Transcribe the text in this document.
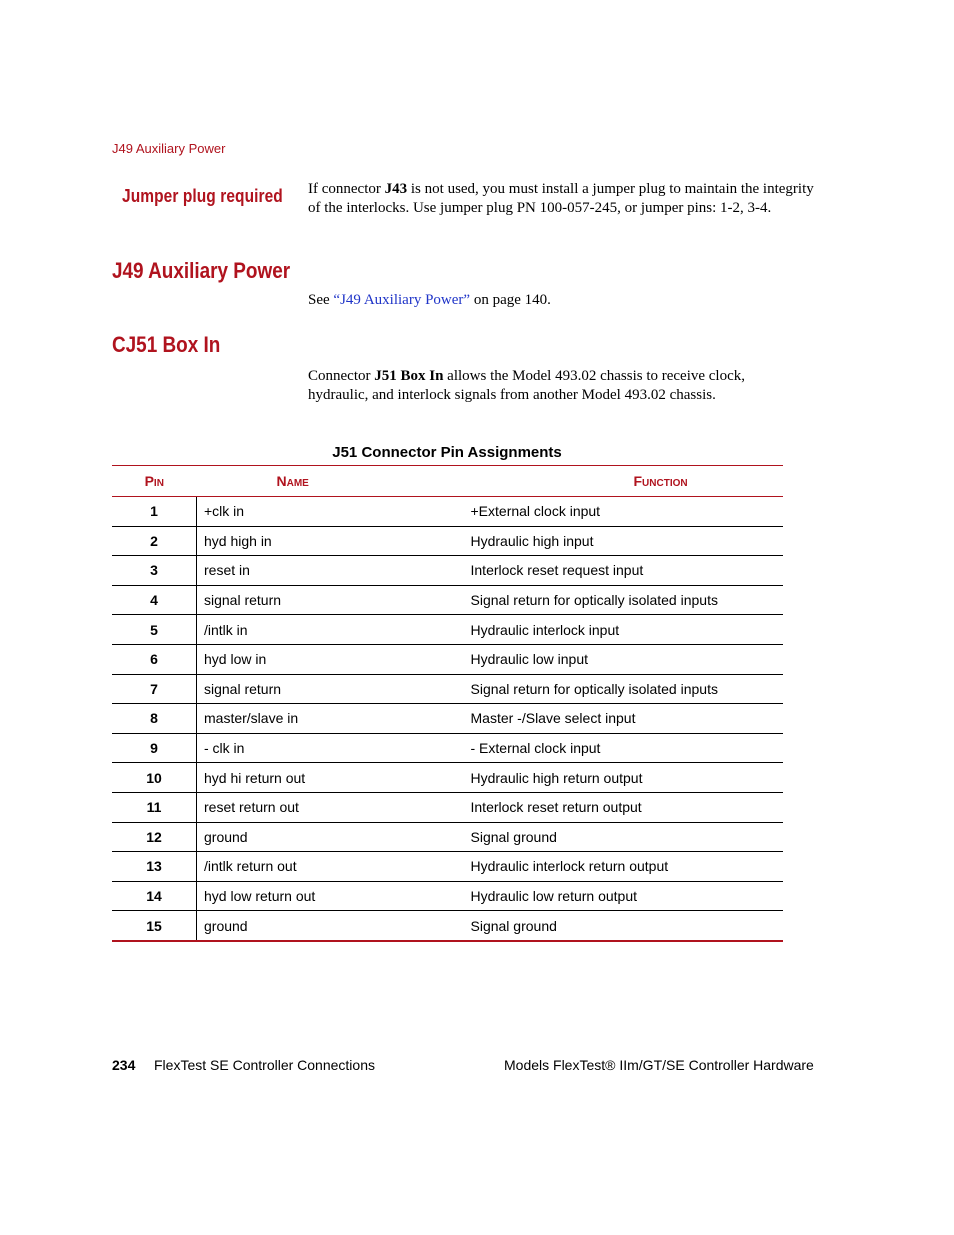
J49 Auxiliary Power
Jumper plug required If connector J43 is not used, you must install a jumper plug to maintain the integrity of the interlocks. Use jumper plug PN 100-057-245, or jumper pins: 1-2, 3-4.

J49 Auxiliary Power

See “J49 Auxiliary Power” on page 140.

CJ51 Box In

Connector J51 Box In allows the Model 493.02 chassis to receive clock, hydraulic, and interlock signals from another Model 493.02 chassis.

J51 Connector Pin Assignments
Pin	Name	Function
1	+clk in	+External clock input
2	hyd high in	Hydraulic high input
3	reset in	Interlock reset request input
4	signal return	Signal return for optically isolated inputs
5	/intlk in	Hydraulic interlock input
6	hyd low in	Hydraulic low input
7	signal return	Signal return for optically isolated inputs
8	master/slave in	Master -/Slave select input
9	- clk in	- External clock input
10	hyd hi return out	Hydraulic high return output
11	reset return out	Interlock reset return output
12	ground	Signal ground
13	/intlk return out	Hydraulic interlock return output
14	hyd low return out	Hydraulic low return output
15	ground	Signal ground
234 FlexTest SE Controller Connections	Models FlexTest® IIm/GT/SE Controller Hardware
